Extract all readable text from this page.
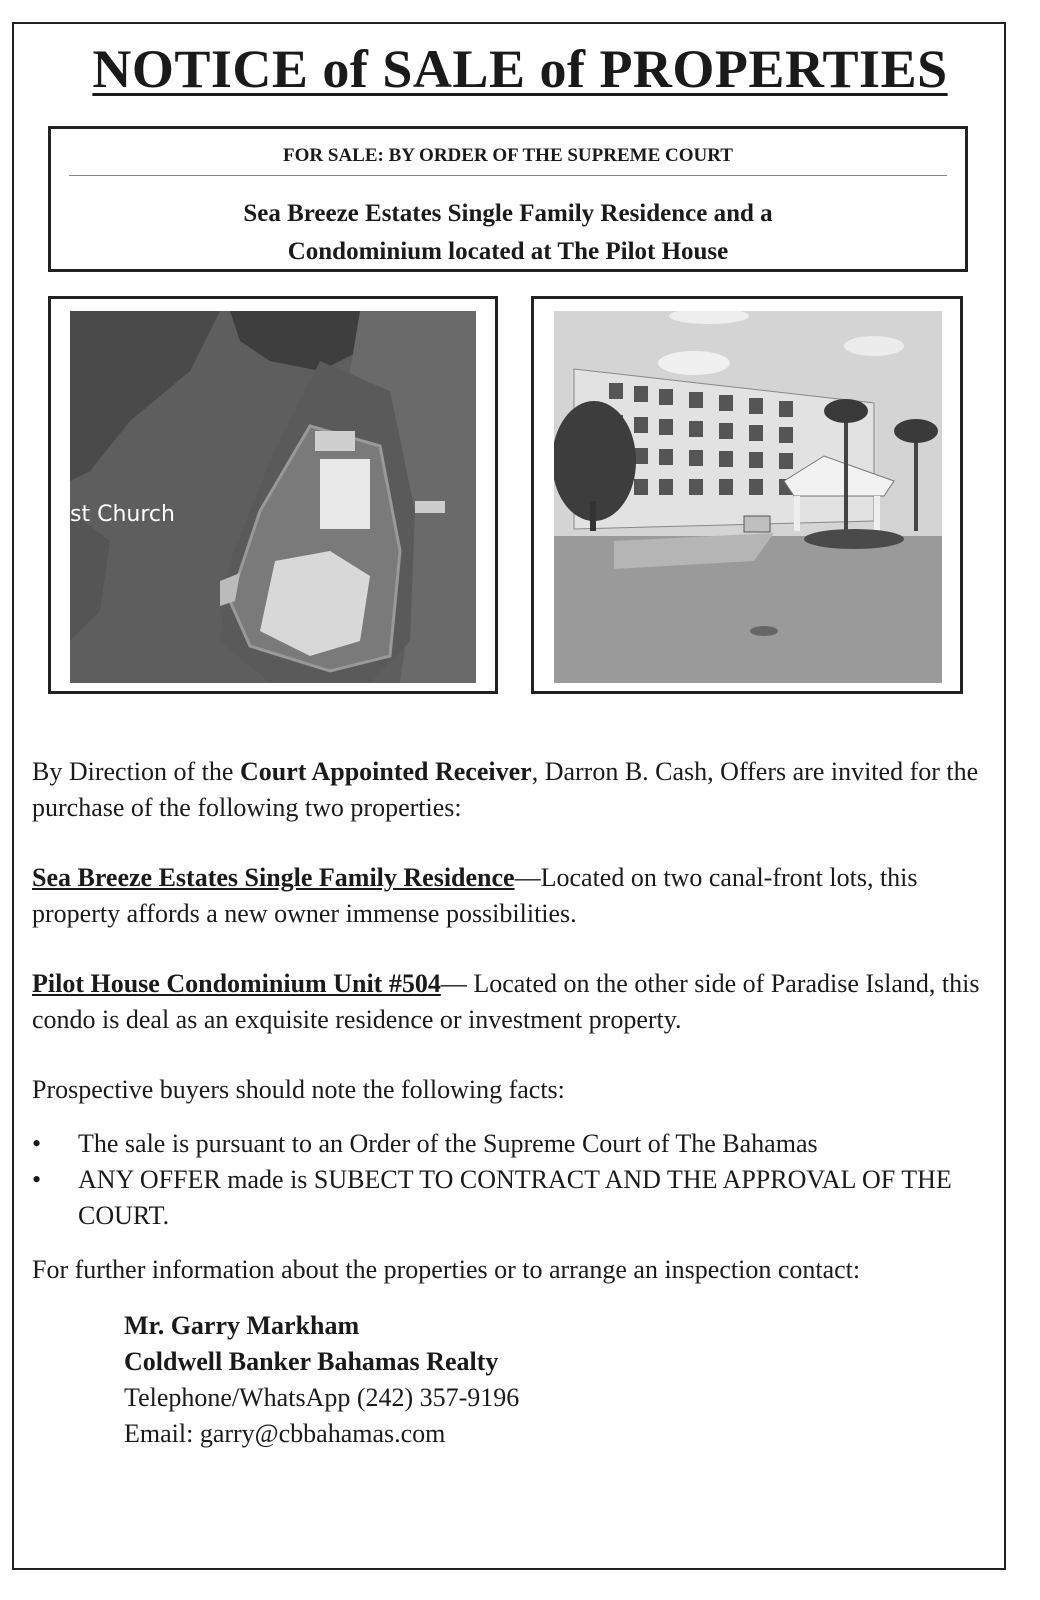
NOTICE of SALE of PROPERTIES
FOR SALE: BY ORDER OF THE SUPREME COURT
Sea Breeze Estates Single Family Residence and a
Condominium located at The Pilot House
st Church

By Direction of the Court Appointed Receiver, Darron B. Cash, Offers are invited for the purchase of the following two properties:

Sea Breeze Estates Single Family Residence—Located on two canal-front lots, this property affords a new owner immense possibilities.

Pilot House Condominium Unit #504— Located on the other side of Paradise Island, this condo is deal as an exquisite residence or investment property.

Prospective buyers should note the following facts:

• The sale is pursuant to an Order of the Supreme Court of The Bahamas
• ANY OFFER made is SUBECT TO CONTRACT AND THE APPROVAL OF THE COURT.

For further information about the properties or to arrange an inspection contact:

Mr. Garry Markham
Coldwell Banker Bahamas Realty
Telephone/WhatsApp (242) 357-9196
Email: garry@cbbahamas.com
